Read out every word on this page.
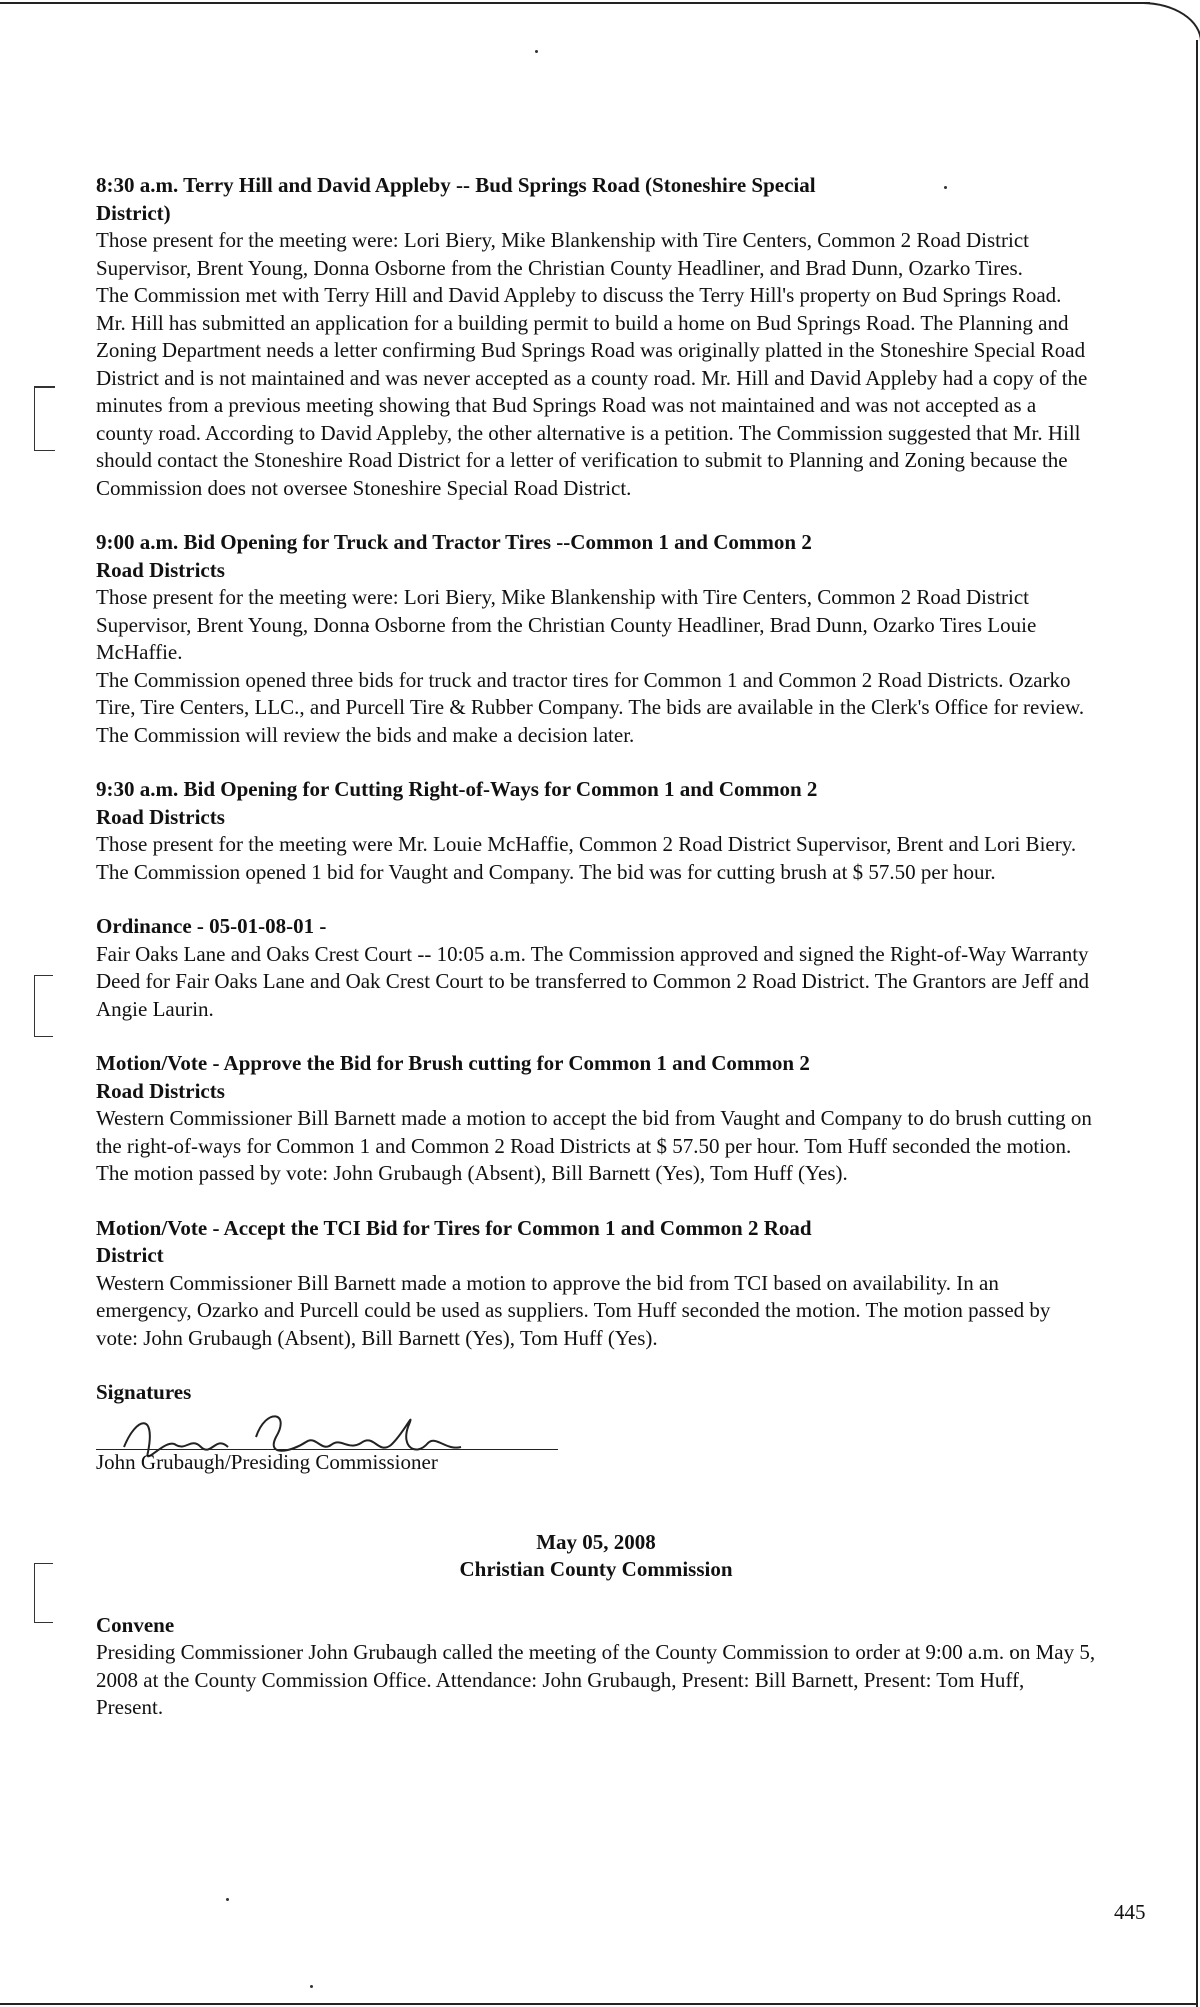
8:30 a.m. Terry Hill and David Appleby -- Bud Springs Road (Stoneshire Special
District)

Those present for the meeting were: Lori Biery, Mike Blankenship with Tire Centers, Common 2 Road District Supervisor, Brent Young, Donna Osborne from the Christian County Headliner, and Brad Dunn, Ozarko Tires.

The Commission met with Terry Hill and David Appleby to discuss the Terry Hill's property on Bud Springs Road. Mr. Hill has submitted an application for a building permit to build a home on Bud Springs Road. The Planning and Zoning Department needs a letter confirming Bud Springs Road was originally platted in the Stoneshire Special Road District and is not maintained and was never accepted as a county road. Mr. Hill and David Appleby had a copy of the minutes from a previous meeting showing that Bud Springs Road was not maintained and was not accepted as a county road. According to David Appleby, the other alternative is a petition. The Commission suggested that Mr. Hill should contact the Stoneshire Road District for a letter of verification to submit to Planning and Zoning because the Commission does not oversee Stoneshire Special Road District.

9:00 a.m. Bid Opening for Truck and Tractor Tires --Common 1 and Common 2
Road Districts

Those present for the meeting were: Lori Biery, Mike Blankenship with Tire Centers, Common 2 Road District Supervisor, Brent Young, Donna Osborne from the Christian County Headliner, Brad Dunn, Ozarko Tires Louie McHaffie.

The Commission opened three bids for truck and tractor tires for Common 1 and Common 2 Road Districts. Ozarko Tire, Tire Centers, LLC., and Purcell Tire & Rubber Company. The bids are available in the Clerk's Office for review. The Commission will review the bids and make a decision later.

9:30 a.m. Bid Opening for Cutting Right-of-Ways for Common 1 and Common 2
Road Districts

Those present for the meeting were Mr. Louie McHaffie, Common 2 Road District Supervisor, Brent and Lori Biery.

The Commission opened 1 bid for Vaught and Company. The bid was for cutting brush at $ 57.50 per hour.

Ordinance - 05-01-08-01 -

Fair Oaks Lane and Oaks Crest Court -- 10:05 a.m. The Commission approved and signed the Right-of-Way Warranty Deed for Fair Oaks Lane and Oak Crest Court to be transferred to Common 2 Road District. The Grantors are Jeff and Angie Laurin.

Motion/Vote - Approve the Bid for Brush cutting for Common 1 and Common 2
Road Districts

Western Commissioner Bill Barnett made a motion to accept the bid from Vaught and Company to do brush cutting on the right-of-ways for Common 1 and Common 2 Road Districts at $ 57.50 per hour. Tom Huff seconded the motion. The motion passed by vote: John Grubaugh (Absent), Bill Barnett (Yes), Tom Huff (Yes).

Motion/Vote - Accept the TCI Bid for Tires for Common 1 and Common 2 Road
District

Western Commissioner Bill Barnett made a motion to approve the bid from TCI based on availability. In an emergency, Ozarko and Purcell could be used as suppliers. Tom Huff seconded the motion. The motion passed by vote: John Grubaugh (Absent), Bill Barnett (Yes), Tom Huff (Yes).

Signatures
John Grubaugh/Presiding Commissioner
May 05, 2008
Christian County Commission
Convene

Presiding Commissioner John Grubaugh called the meeting of the County Commission to order at 9:00 a.m. on May 5, 2008 at the County Commission Office. Attendance: John Grubaugh, Present: Bill Barnett, Present: Tom Huff, Present.

445
